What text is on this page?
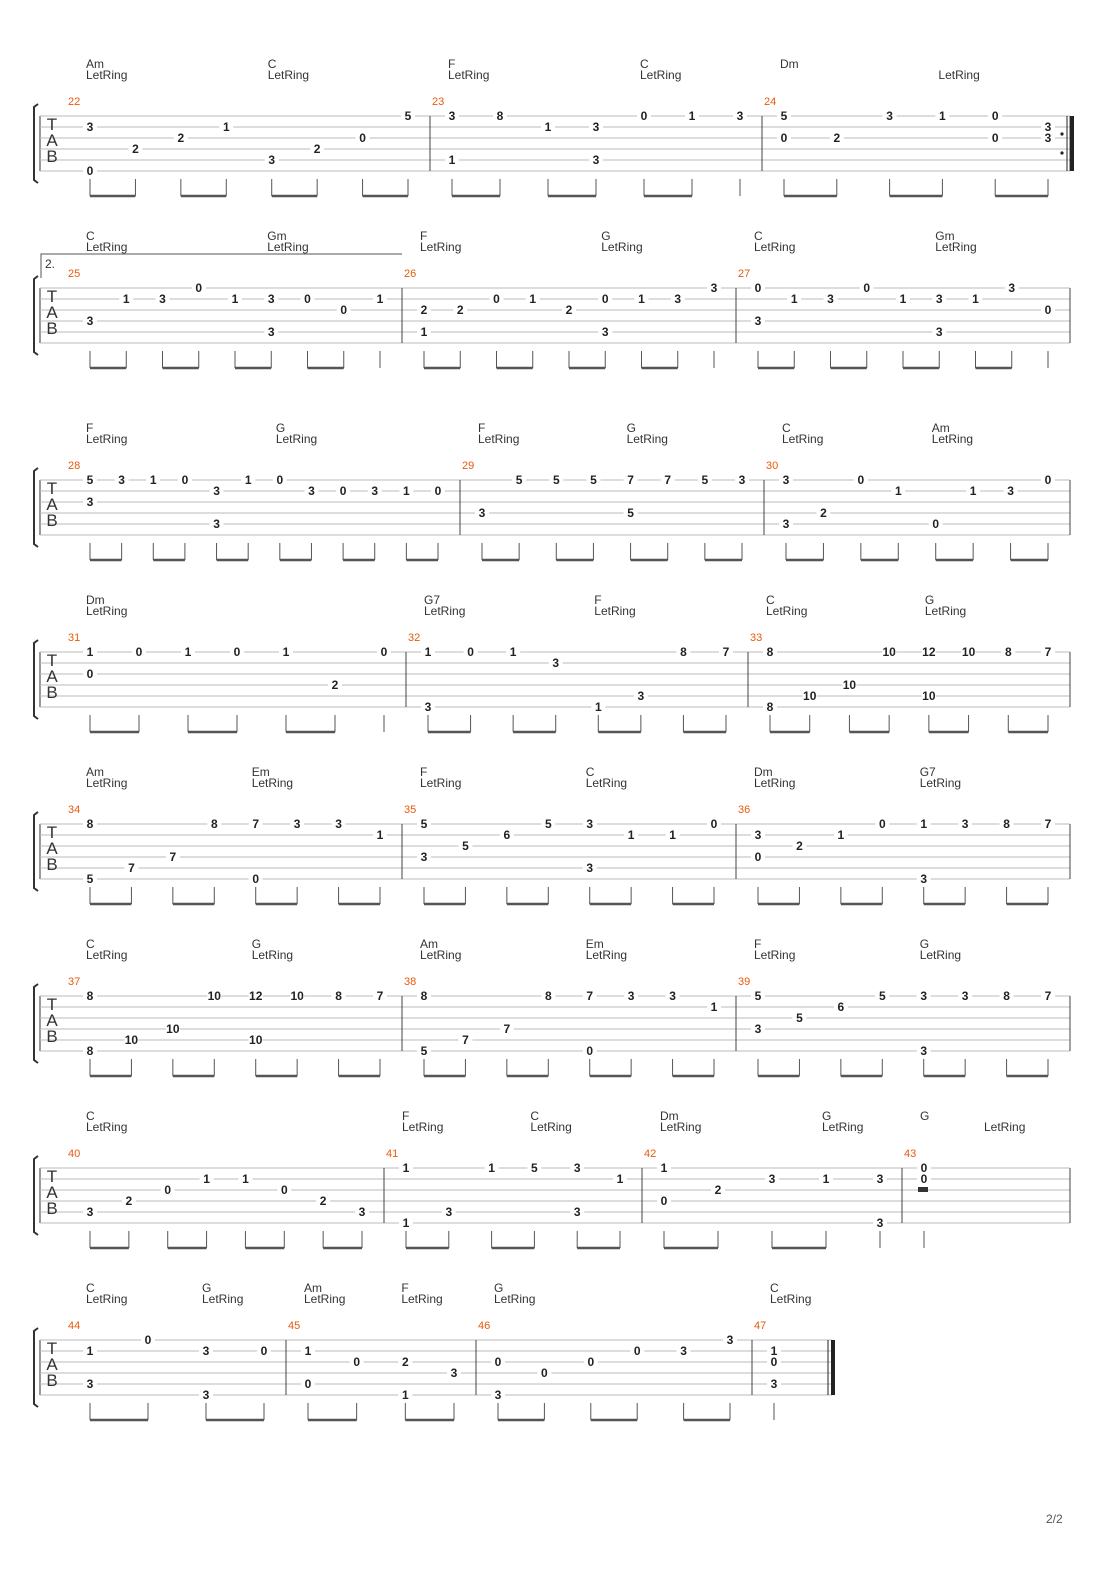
T
A
B
22
Am	C
LetRing	LetRing
3
0
2
2
1
3
2
0
5
23
F	C
LetRing	LetRing
3
1
8
1	3
3
0	1	3
24
Dm
LetRing
5
0	2
3	1	0
0
3
3
T
A
B
25
C	Gm
LetRing	LetRing
3
1 3
0
1 3
3
0
0
1
26
F	G
LetRing	LetRing
2
1
2
0 1
2
0
3
1 3
3
27
C	Gm
LetRing	LetRing
0
3
1 3
0
1 3
3
1
3
0
2.
T
A
B
28
F	G
LetRing	LetRing
5
3
3 1 0
3
3
1 0
3 0 3 1 0
29
F	G
LetRing	LetRing
3
5	5	5	7
5
7	5	3
30
C	Am
LetRing	LetRing
3
3
2
0
1
0
1	3
0
T
A
B
31
Dm
LetRing
1
0
0	1	0	1
2
0
32
G7	F
LetRing	LetRing
1
3
0	1
3
1
3
8	7
33
C	G
LetRing	LetRing
8
8
10
10
10 12
10
10 8	7
T
A
B
34
Am	Em
LetRing	LetRing
8
5
7
7
8	7
0
3	3
1
35
F	C
LetRing	LetRing
5
3
5
6
5	3
3
1	1
0
36
Dm	G7
LetRing	LetRing
3
0
2
1
0	1
3
3	8	7
T
A
B
37
C	G
LetRing	LetRing
8
8
10
10
10 12
10
10	8	7
38
Am	Em
LetRing	LetRing
8
5
7
7
8	7
0
3	3
1
39
F	G
LetRing	LetRing
5
3
5
6
5	3
3
3	8	7
T
A
B
40
C
LetRing
3
2
0
1	1
0
2
3
41
F	C
LetRing	LetRing
1
1
3
1	5	3
3
1
42
Dm	G
LetRing	LetRing
1
0
2
3	1	3
3
43
G
LetRing
0
0
T
A
B
44
C	G
LetRing	LetRing
1
3
0
3
3
0
45
Am	F
LetRing	LetRing
1
0
0	2
1
3
46
G
LetRing
0
3
0
0
0	3
3
47
C
LetRing
1
0
3
2/2
